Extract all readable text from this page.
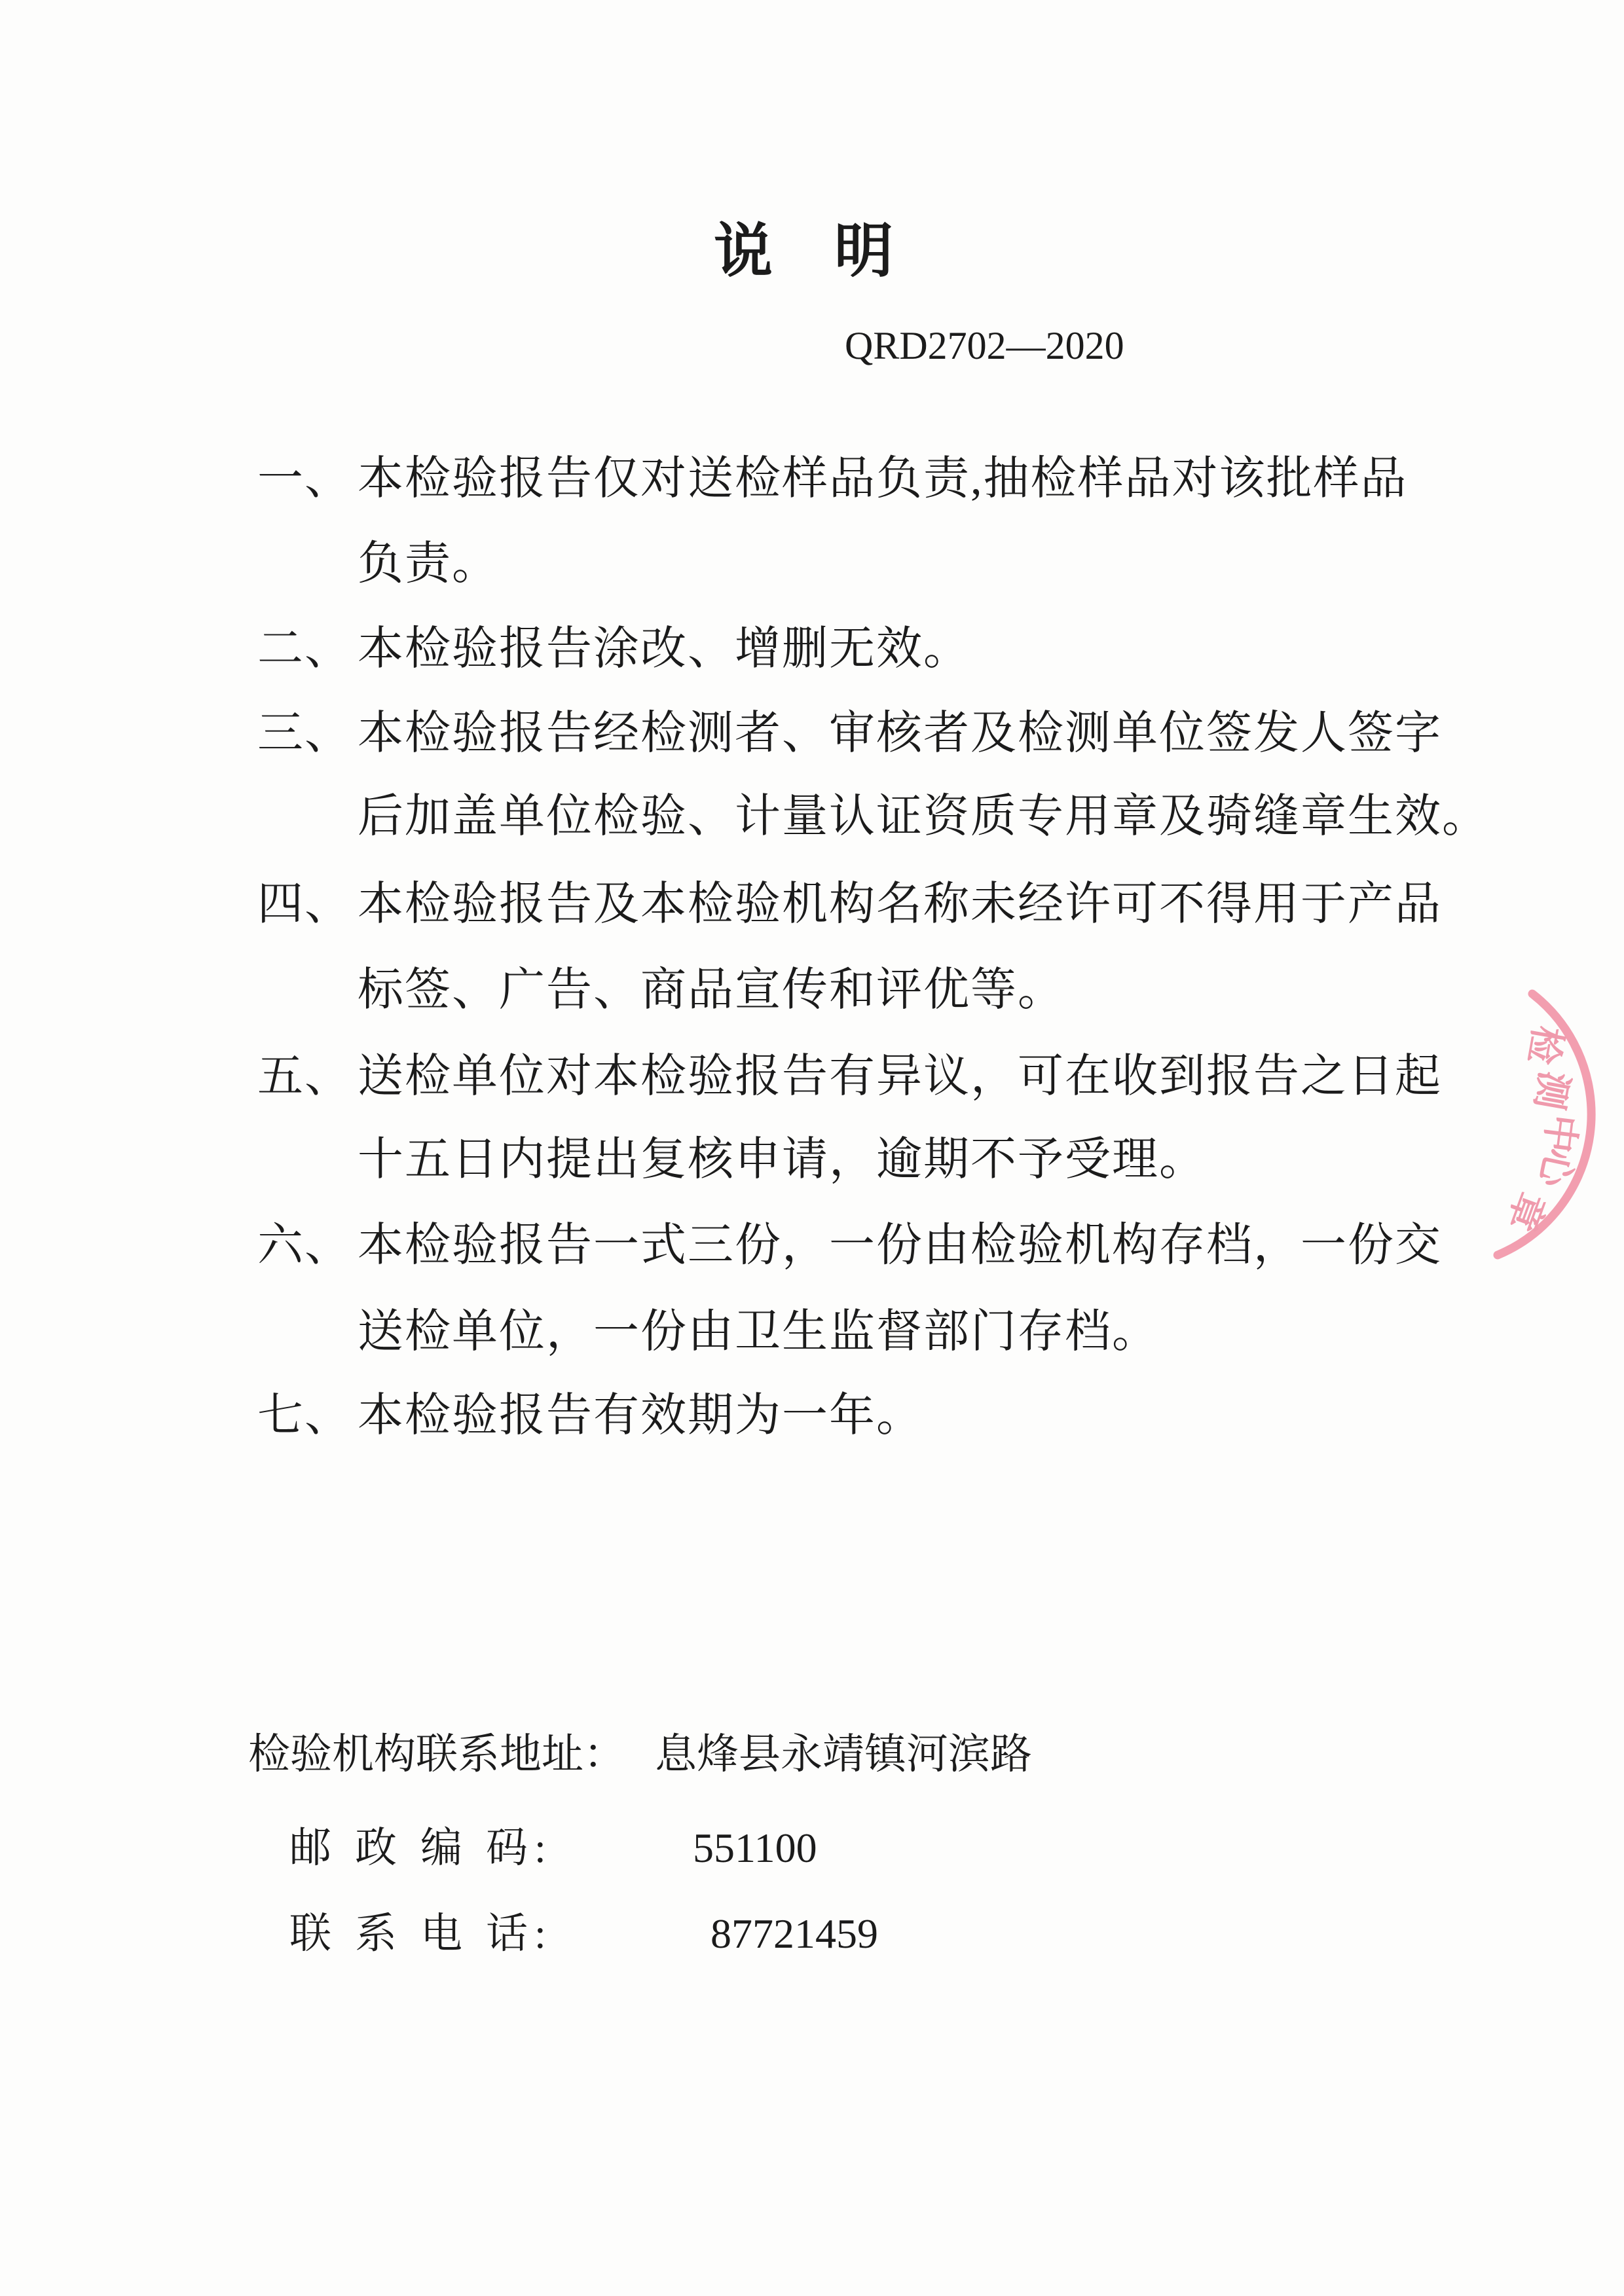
说　明
QRD2702—2020
一、 本检验报告仅对送检样品负责,抽检样品对该批样品
负责。
二、 本检验报告涂改、增删无效。
三、 本检验报告经检测者、审核者及检测单位签发人签字
后加盖单位检验、计量认证资质专用章及骑缝章生效。
四、 本检验报告及本检验机构名称未经许可不得用于产品
标签、广告、商品宣传和评优等。
五、 送检单位对本检验报告有异议，可在收到报告之日起
十五日内提出复核申请，逾期不予受理。
六、 本检验报告一式三份，一份由检验机构存档，一份交
送检单位，一份由卫生监督部门存档。
七、 本检验报告有效期为一年。
检验机构联系地址： 息烽县永靖镇河滨路
邮 政 编 码:	551100
联 系 电 话:	87721459
检
测
中
心
章
